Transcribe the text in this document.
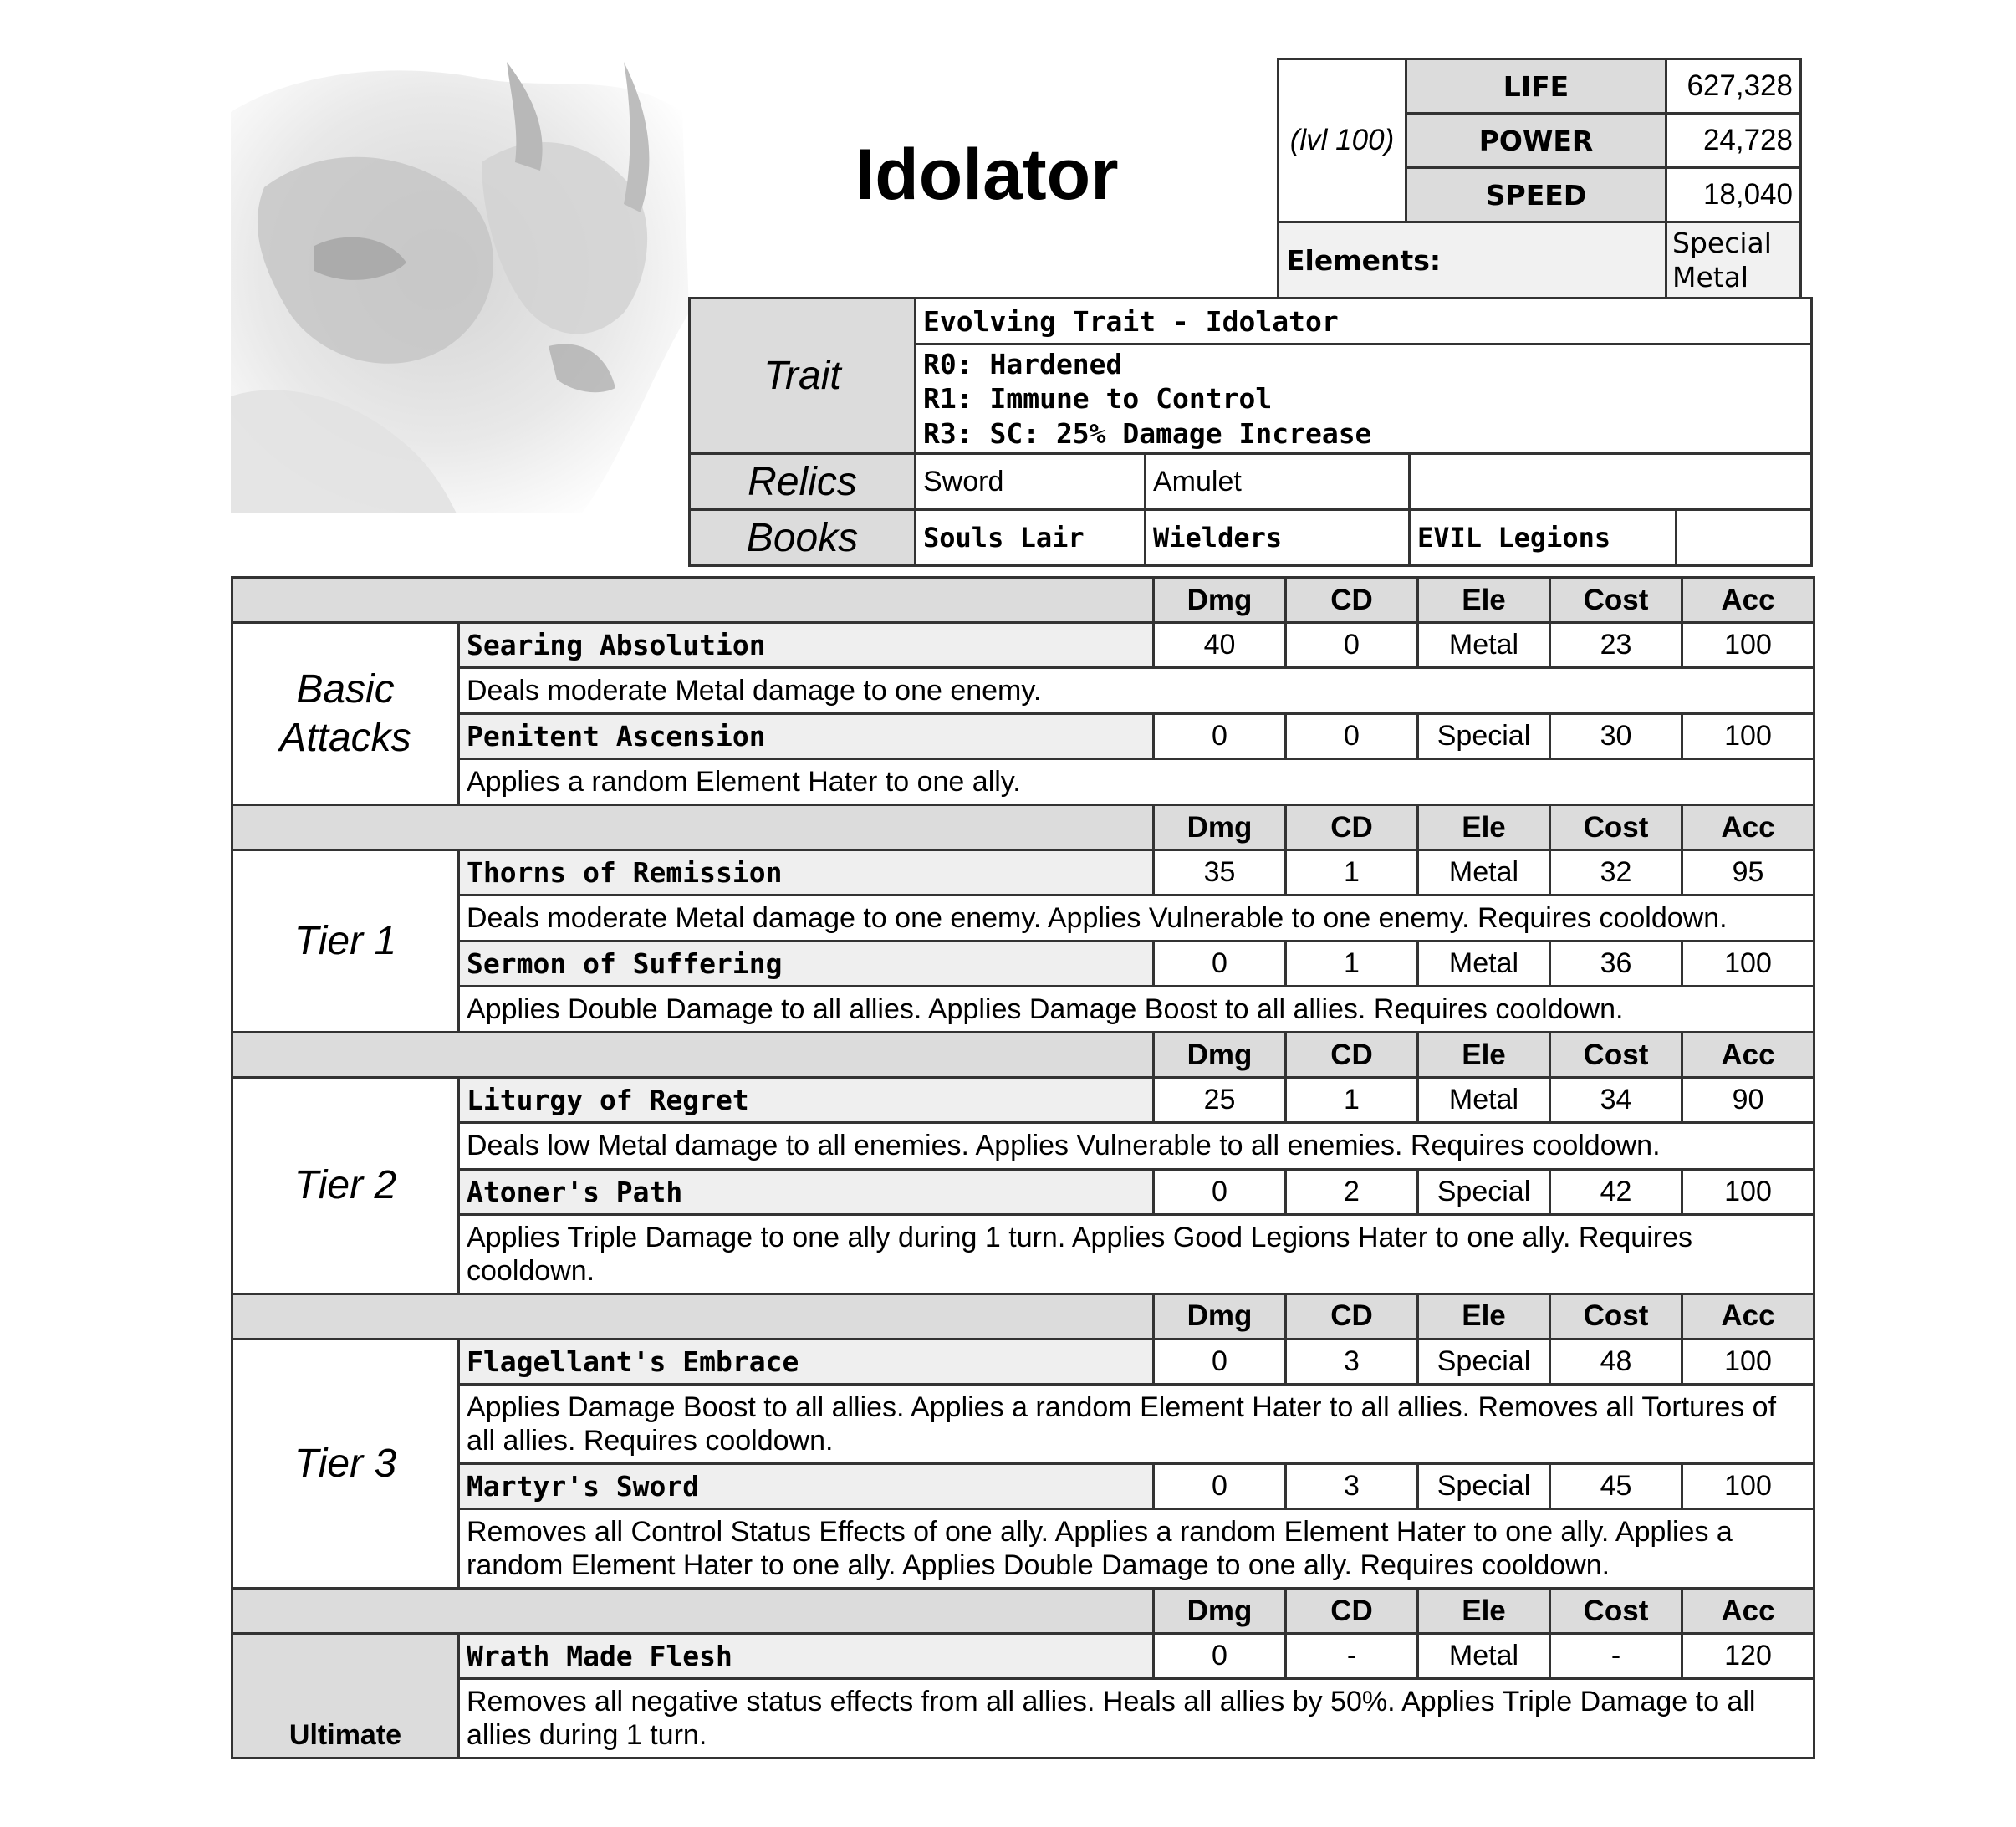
Idolator	(lvl 100)	LIFE	627,328
	POWER	24,728
	SPEED	18,040
Elements:		Special
Metal
Trait	Evolving Trait - Idolator			
	R0: Hardened
R1: Immune to Control
R3: SC: 25% Damage Increase			
Relics	Sword	Amulet		
Books	Souls Lair	Wielders	EVIL Legions	
		Dmg	CD	Ele	Cost	Acc
Basic
Attacks	Searing Absolution	40	0	Metal	23	100
	Deals moderate Metal damage to one enemy.					
	Penitent Ascension	0	0	Special	30	100
	Applies a random Element Hater to one ally.					
		Dmg	CD	Ele	Cost	Acc
Tier 1	Thorns of Remission	35	1	Metal	32	95
	Deals moderate Metal damage to one enemy. Applies Vulnerable to one enemy. Requires cooldown.					
	Sermon of Suffering	0	1	Metal	36	100
	Applies Double Damage to all allies. Applies Damage Boost to all allies. Requires cooldown.					
		Dmg	CD	Ele	Cost	Acc
Tier 2	Liturgy of Regret	25	1	Metal	34	90
	Deals low Metal damage to all enemies. Applies Vulnerable to all enemies. Requires cooldown.					
	Atoner's Path	0	2	Special	42	100
	Applies Triple Damage to one ally during 1 turn. Applies Good Legions Hater to one ally. Requires cooldown.					
		Dmg	CD	Ele	Cost	Acc
Tier 3	Flagellant's Embrace	0	3	Special	48	100
	Applies Damage Boost to all allies. Applies a random Element Hater to all allies. Removes all Tortures of all allies. Requires cooldown.					
	Martyr's Sword	0	3	Special	45	100
	Removes all Control Status Effects of one ally. Applies a random Element Hater to one ally. Applies a random Element Hater to one ally. Applies Double Damage to one ally. Requires cooldown.					
		Dmg	CD	Ele	Cost	Acc
Ultimate	Wrath Made Flesh	0	-	Metal	-	120
	Removes all negative status effects from all allies. Heals all allies by 50%. Applies Triple Damage to all allies during 1 turn.					
